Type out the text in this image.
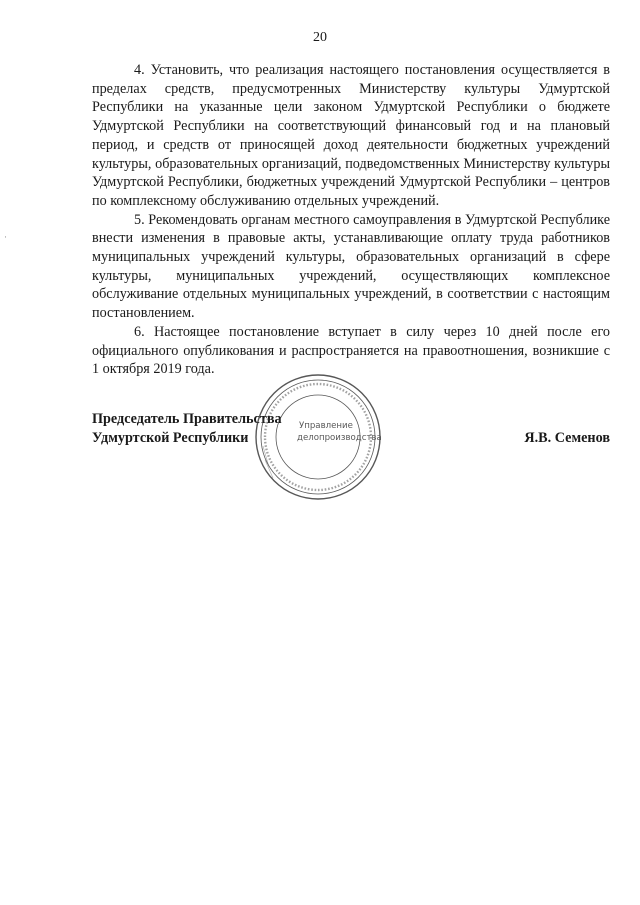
20

4. Установить, что реализация настоящего постановления осуществляется в пределах средств, предусмотренных Министерству культуры Удмуртской Республики на указанные цели законом Удмуртской Республики о бюджете Удмуртской Республики на соответствующий финансовый год и на плановый период, и средств от приносящей доход деятельности бюджетных учреждений культуры, образовательных организаций, подведомственных Министерству культуры Удмуртской Республики, бюджетных учреждений Удмуртской Республики – центров по комплексному обслуживанию отдельных учреждений.

5. Рекомендовать органам местного самоуправления в Удмуртской Республике внести изменения в правовые акты, устанавливающие оплату труда работников муниципальных учреждений культуры, образовательных организаций в сфере культуры, муниципальных учреждений, осуществляющих комплексное обслуживание отдельных муниципальных учреждений, в соответствии с настоящим постановлением.

6. Настоящее постановление вступает в силу через 10 дней после его официального опубликования и распространяется на правоотношения, возникшие с 1 октября 2019 года.

Председатель Правительства
Удмуртской Республики	Я.В. Семенов
Управление
делопроизводства
·
